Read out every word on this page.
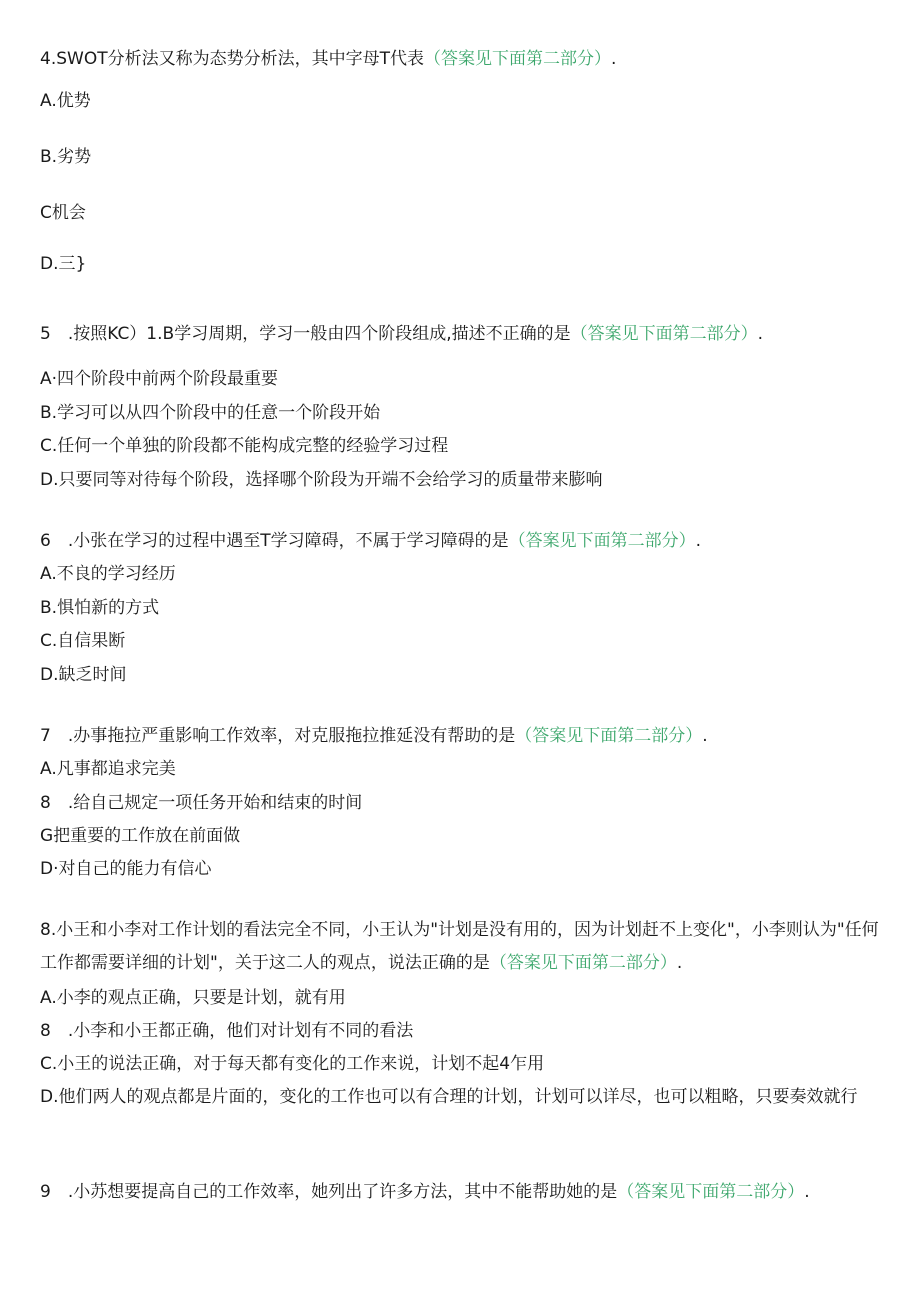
4.SWOT分析法又称为态势分析法，其中字母T代表（答案见下面第二部分）.
A.优势
B.劣势
C机会
D.三}
5　.按照KC）1.B学习周期，学习一般由四个阶段组成,描述不正确的是（答案见下面第二部分）.
A·四个阶段中前两个阶段最重要
B.学习可以从四个阶段中的任意一个阶段开始
C.任何一个单独的阶段都不能构成完整的经验学习过程
D.只要同等对待每个阶段，选择哪个阶段为开端不会给学习的质量带来膨响
6　.小张在学习的过程中遇至T学习障碍，不属于学习障碍的是（答案见下面第二部分）.
A.不良的学习经历
B.惧怕新的方式
C.自信果断
D.缺乏时间
7　.办事拖拉严重影响工作效率，对克服拖拉推延没有帮助的是（答案见下面第二部分）.
A.凡事都追求完美
8　.给自己规定一项任务开始和结束的时间
G把重要的工作放在前面做
D·对自己的能力有信心
8.小王和小李对工作计划的看法完全不同，小王认为"计划是没有用的，因为计划赶不上变化"，小李则认为"任何工作都需要详细的计划"，关于这二人的观点，说法正确的是（答案见下面第二部分）.
A.小李的观点正确，只要是计划，就有用
8　.小李和小王都正确，他们对计划有不同的看法
C.小王的说法正确，对于每天都有变化的工作来说，计划不起4乍用
D.他们两人的观点都是片面的，变化的工作也可以有合理的计划，计划可以详尽，也可以粗略，只要奏效就行
9　.小苏想要提高自己的工作效率，她列出了许多方法，其中不能帮助她的是（答案见下面第二部分）.
